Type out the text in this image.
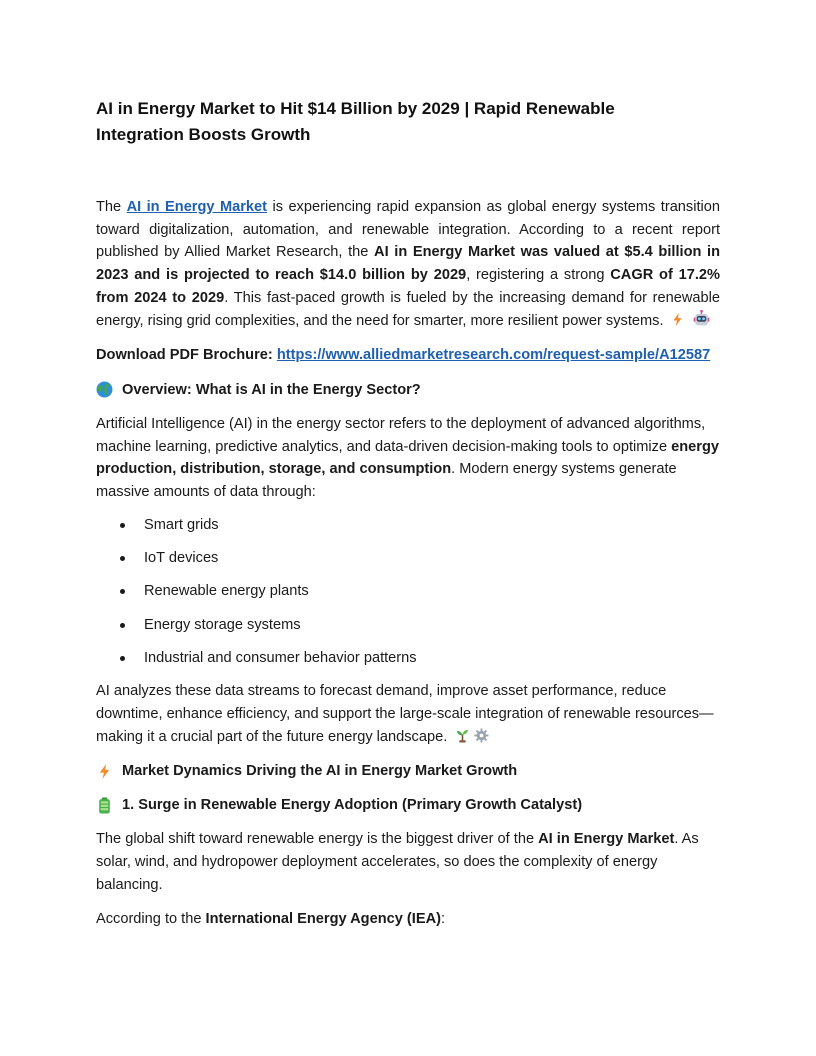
AI in Energy Market to Hit $14 Billion by 2029 | Rapid Renewable Integration Boosts Growth

The AI in Energy Market is experiencing rapid expansion as global energy systems transition toward digitalization, automation, and renewable integration. According to a recent report published by Allied Market Research, the AI in Energy Market was valued at $5.4 billion in 2023 and is projected to reach $14.0 billion by 2029, registering a strong CAGR of 17.2% from 2024 to 2029. This fast-paced growth is fueled by the increasing demand for renewable energy, rising grid complexities, and the need for smarter, more resilient power systems.

Download PDF Brochure: https://www.alliedmarketresearch.com/request-sample/A12587

Overview: What is AI in the Energy Sector?

Artificial Intelligence (AI) in the energy sector refers to the deployment of advanced algorithms, machine learning, predictive analytics, and data-driven decision-making tools to optimize energy production, distribution, storage, and consumption. Modern energy systems generate massive amounts of data through:

Smart grids
IoT devices
Renewable energy plants
Energy storage systems
Industrial and consumer behavior patterns

AI analyzes these data streams to forecast demand, improve asset performance, reduce downtime, enhance efficiency, and support the large-scale integration of renewable resources—making it a crucial part of the future energy landscape.

Market Dynamics Driving the AI in Energy Market Growth
1. Surge in Renewable Energy Adoption (Primary Growth Catalyst)

The global shift toward renewable energy is the biggest driver of the AI in Energy Market. As solar, wind, and hydropower deployment accelerates, so does the complexity of energy balancing.

According to the International Energy Agency (IEA):
